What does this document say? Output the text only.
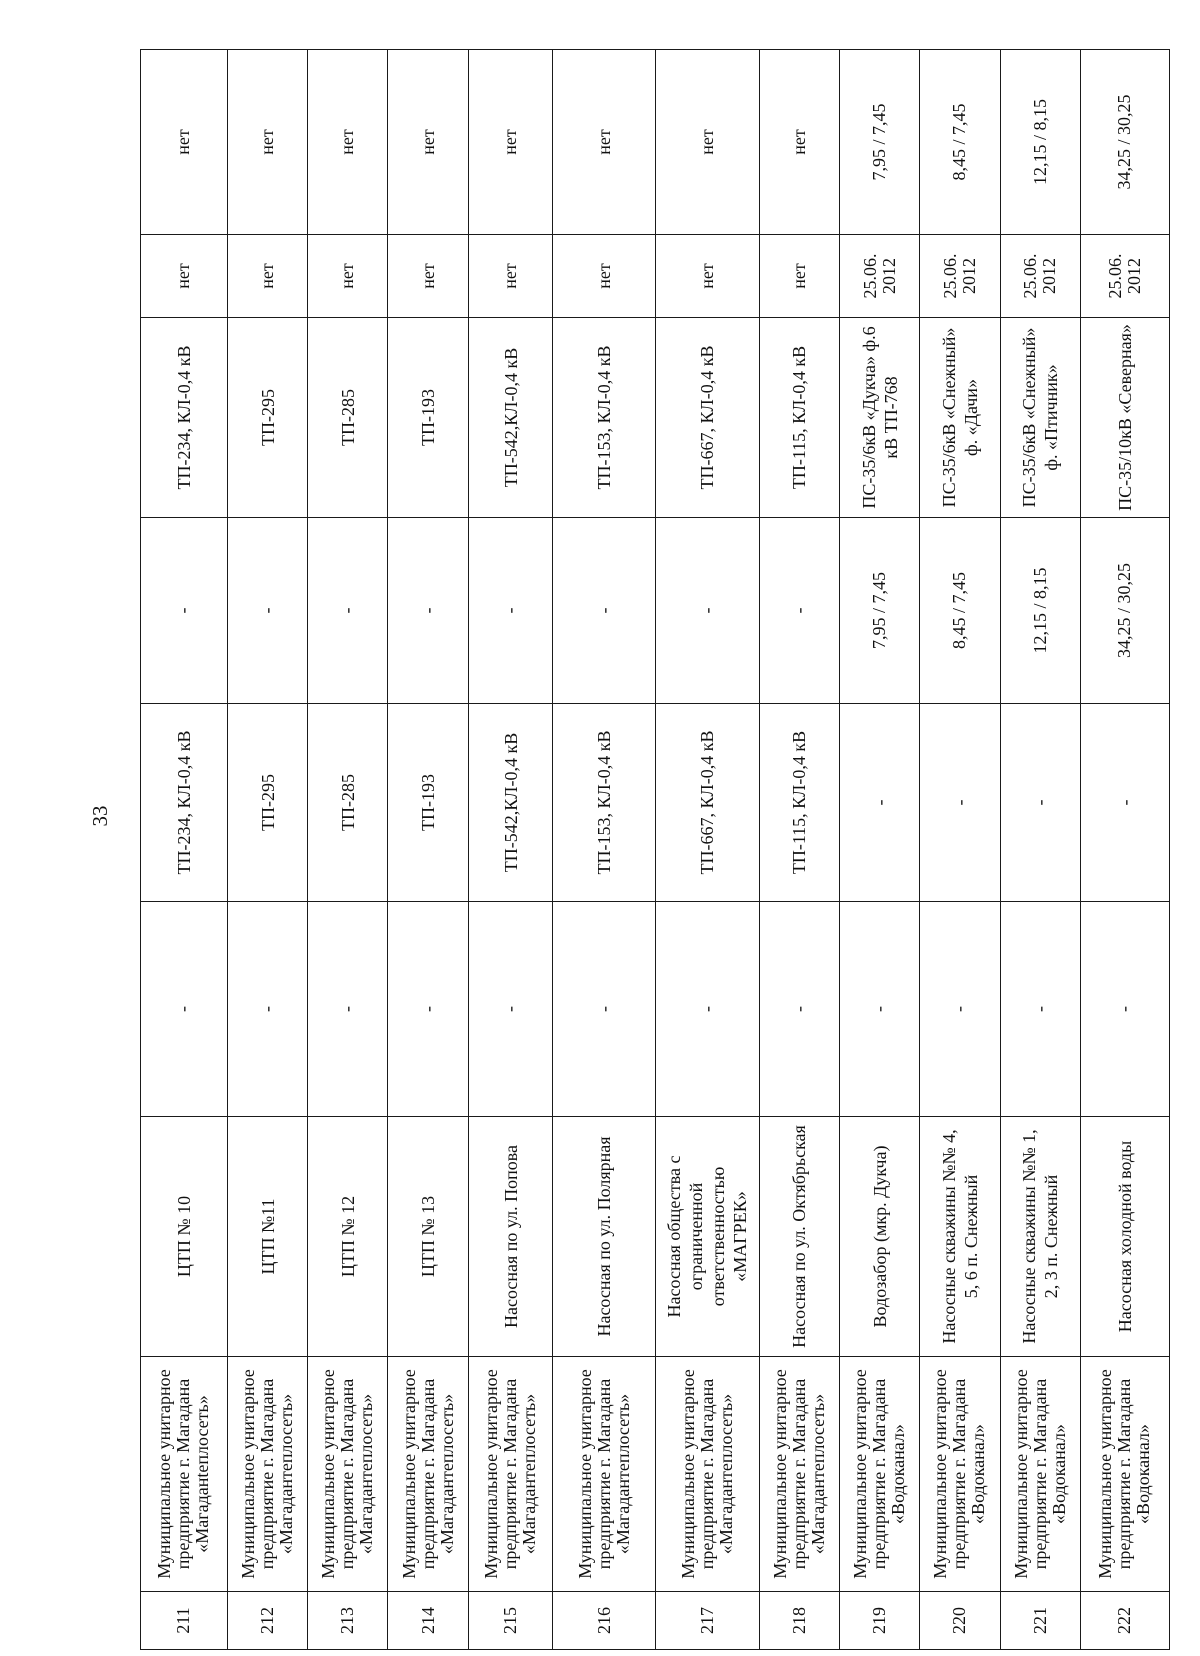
33
211	Муниципальное унитарное предприятие г. Магадана «Магаданteплосеть»	ЦТП № 10	-	ТП-234, КЛ-0,4 кВ	-	ТП-234, КЛ-0,4 кВ	нет	нет
212	Муниципальное унитарное предприятие г. Магадана «Магадантеплосеть»	ЦТП №11	-	ТП-295	-	ТП-295	нет	нет
213	Муниципальное унитарное предприятие г. Магадана «Магадантеплосеть»	ЦТП № 12	-	ТП-285	-	ТП-285	нет	нет
214	Муниципальное унитарное предприятие г. Магадана «Магадантеплосеть»	ЦТП № 13	-	ТП-193	-	ТП-193	нет	нет
215	Муниципальное унитарное предприятие г. Магадана «Магадантеплосеть»	Насосная по ул. Попова	-	ТП-542,КЛ-0,4 кВ	-	ТП-542,КЛ-0,4 кВ	нет	нет
216	Муниципальное унитарное предприятие г. Магадана «Магадантеплосеть»	Насосная по ул. Полярная	-	ТП-153, КЛ-0,4 кВ	-	ТП-153, КЛ-0,4 кВ	нет	нет
217	Муниципальное унитарное предприятие г. Магадана «Магадантеплосеть»	Насосная общества с ограниченной ответственностью «МАГРЕК»	-	ТП-667, КЛ-0,4 кВ	-	ТП-667, КЛ-0,4 кВ	нет	нет
218	Муниципальное унитарное предприятие г. Магадана «Магадантеплосеть»	Насосная по ул. Октябрьская	-	ТП-115, КЛ-0,4 кВ	-	ТП-115, КЛ-0,4 кВ	нет	нет
219	Муниципальное унитарное предприятие г. Магадана «Водоканал»	Водозабор (мкр. Дукча)	-	-	7,95 / 7,45	ПС-35/6кВ «Дукча» ф.6 кВ ТП-768	25.06. 2012	7,95 / 7,45
220	Муниципальное унитарное предприятие г. Магадана «Водоканал»	Насосные скважины №№ 4, 5, 6 п. Снежный	-	-	8,45 / 7,45	ПС-35/6кВ «Снежный» ф. «Дачи»	25.06. 2012	8,45 / 7,45
221	Муниципальное унитарное предприятие г. Магадана «Водоканал»	Насосные скважины №№ 1, 2, 3 п. Снежный	-	-	12,15 / 8,15	ПС-35/6кВ «Снежный» ф. «Птичник»	25.06. 2012	12,15 / 8,15
222	Муниципальное унитарное предприятие г. Магадана «Водоканал»	Насосная холодной воды	-	-	34,25 / 30,25	ПС-35/10кВ «Северная»	25.06. 2012	34,25 / 30,25
